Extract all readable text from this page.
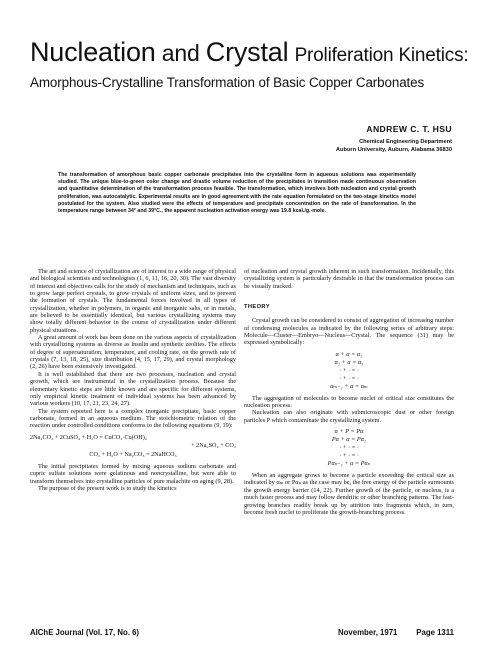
Nucleation and Crystal Proliferation Kinetics:
Amorphous-Crystalline Transformation of Basic Copper Carbonates
ANDREW C. T. HSU
Chemical Engineering Department
Auburn University, Auburn, Alabama 36830
The transformation of amorphous basic copper carbonate precipitates into the crystalline form in aqueous solutions was experimentally studied. The unique blue-to-green color change and drastic volume reduction of the precipitates in transition made continuous observation and quantitative determination of the transformation process feasible. The transformation, which involves both nucleation and crystal growth proliferation, was autocatalytic. Experimental results are in good agreement with the rate equation formulated on the two-stage kinetics model postulated for the system. Also studied were the effects of temperature and precipitate concentration on the rate of transformation. In the temperature range between 34° and 39°C., the apparent nucleation activation energy was 19.8 kcal./g.-mole.

The art and science of crystallization are of interest to a wide range of physical and biological scientists and technologists (1, 6, 11, 16, 20, 30). The vast diversity of interest and objectives calls for the study of mechanism and techniques, such as to grow large perfect crystals, to grow crystals of uniform sizes, and to prevent the formation of crystals. The fundamental forces involved in all types of crystallization, whether in polymers, in organic and inorganic salts, or in metals, are believed to be essentially identical, but various crystallizing systems may show totally different behavior in the course of crystallization under different physical situations.

A great amount of work has been done on the various aspects of crystallization with crystallizing systems as diverse as insulin and synthetic zeolites. The effects of degree of supersaturation, temperature, and cooling rate, on the growth rate of crystals (7, 13, 18, 25), size distribution (4, 15, 17, 29), and crystal morphology (2, 26) have been extensively investigated.

It is well established that there are two processes, nucleation and crystal growth, which are instrumental in the crystallization process. Because the elementary kinetic steps are little known and are specific for different systems, only empirical kinetic treatment of individual systems has been advanced by various workers (10, 17, 21, 23, 24, 27).

The system reported here is a complex inorganic precipitate, basic copper carbonate, formed in an aqueous medium. The stoichiometric relation of the reaction under controlled conditions conforms to the following equations (9, 19):

2Na₂CO₃ + 2CuSO₄ + H₂O = CuCO₃·Cu(OH)₂
+ 2Na₂SO₄ + CO₂
CO₂ + H₂O + Na₂CO₃ = 2NaHCO₃

The initial precipitates formed by mixing aqueous sodium carbonate and cupric sulfate solutions were gelatinous and noncrystalline, but were able to transform themselves into crystalline particles of pure malachite on aging (9, 28).

The purpose of the present work is to study the kinetics

of nucleation and crystal growth inherent in such transformation. Incidentally, this crystallizing system is particularly desirable in that the transformation process can be visually tracked.

THEORY

Crystal growth can be considered to consist of aggregation of increasing number of condensing molecules as indicated by the following series of arbitrary steps: Molecule—Cluster—Embryo—Nucleus—Crystal. The sequence (31) may be expressed symbolically:

α + α = α₂
α₂ + α = α₃
· + · = ·
· + · = ·
αₘ₋₁ + α = αₘ

The aggregation of molecules to become nuclei of critical size constitutes the nucleation process.

Nucleation can also originate with submicroscopic dust or other foreign particles P which contaminate the crystallizing system.

α + P = Pα
Pα + α = Pα₂
· + · = ·
· + · = ·
Pαₙ₋₁ + α = Pαₙ

When an aggregate grows to become a particle exceeding the critical size as indicated by αₘ or Pαₙ as the case may be, the free energy of the particle surmounts the growth energy barrier (14, 22). Further growth of the particle, or nucleus, is a much faster process and may follow dendritic or other branching patterns. The fast-growing branches readily break up by attrition into fragments which, in turn, become fresh nuclei to proliferate the growth-branching process.

AIChE Journal (Vol. 17, No. 6)	November, 1971 Page 1311
